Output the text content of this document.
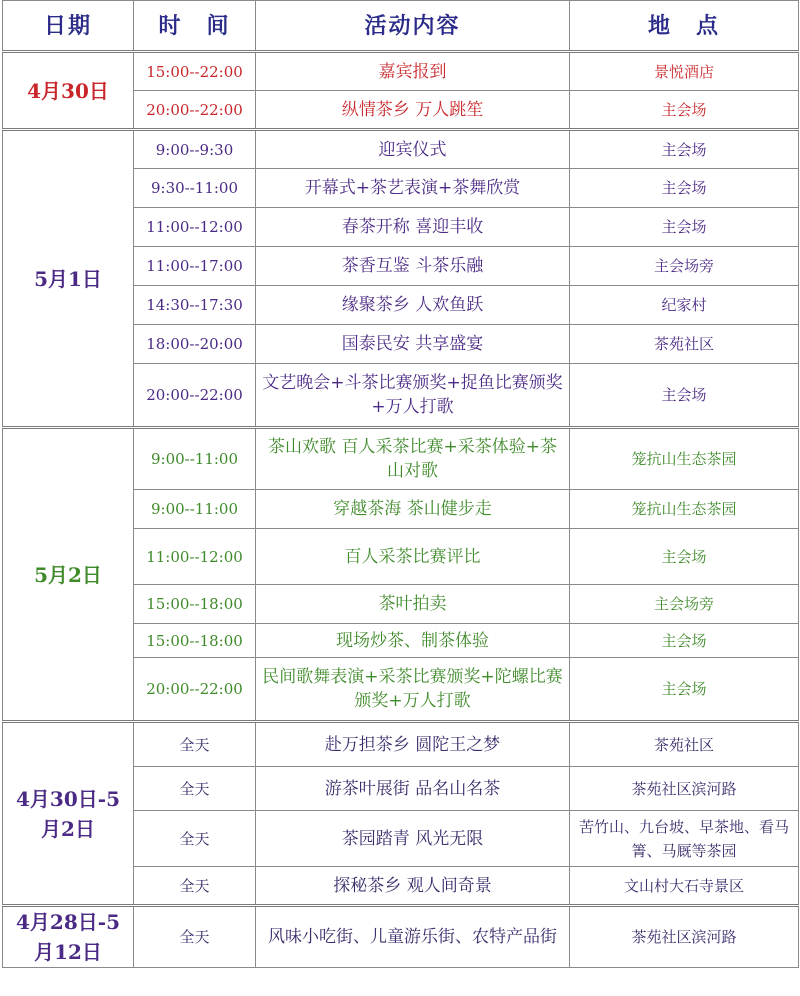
日期	时　间	活动内容	地　点
4月30日	15:00--22:00	嘉宾报到	景悦酒店
	20:00--22:00	纵情茶乡 万人跳笙	主会场
5月1日	9:00--9:30	迎宾仪式	主会场
	9:30--11:00	开幕式+茶艺表演+茶舞欣赏	主会场
	11:00--12:00	春茶开称 喜迎丰收	主会场
	11:00--17:00	茶香互鉴 斗茶乐融	主会场旁
	14:30--17:30	缘聚茶乡 人欢鱼跃	纪家村
	18:00--20:00	国泰民安 共享盛宴	茶苑社区
	20:00--22:00	文艺晚会+斗茶比赛颁奖+捉鱼比赛颁奖+万人打歌	主会场
5月2日	9:00--11:00	茶山欢歌 百人采茶比赛+采茶体验+茶山对歌	笼抗山生态茶园
	9:00--11:00	穿越茶海 茶山健步走	笼抗山生态茶园
	11:00--12:00	百人采茶比赛评比	主会场
	15:00--18:00	茶叶拍卖	主会场旁
	15:00--18:00	现场炒茶、制茶体验	主会场
	20:00--22:00	民间歌舞表演+采茶比赛颁奖+陀螺比赛颁奖+万人打歌	主会场
4月30日-5月2日	全天	赴万担茶乡 圆陀王之梦	茶苑社区
	全天	游茶叶展街 品名山名茶	茶苑社区滨河路
	全天	茶园踏青 风光无限	苦竹山、九台坡、早茶地、看马箐、马厩等茶园
	全天	探秘茶乡 观人间奇景	文山村大石寺景区
4月28日-5月12日	全天	风味小吃街、儿童游乐街、农特产品街	茶苑社区滨河路
